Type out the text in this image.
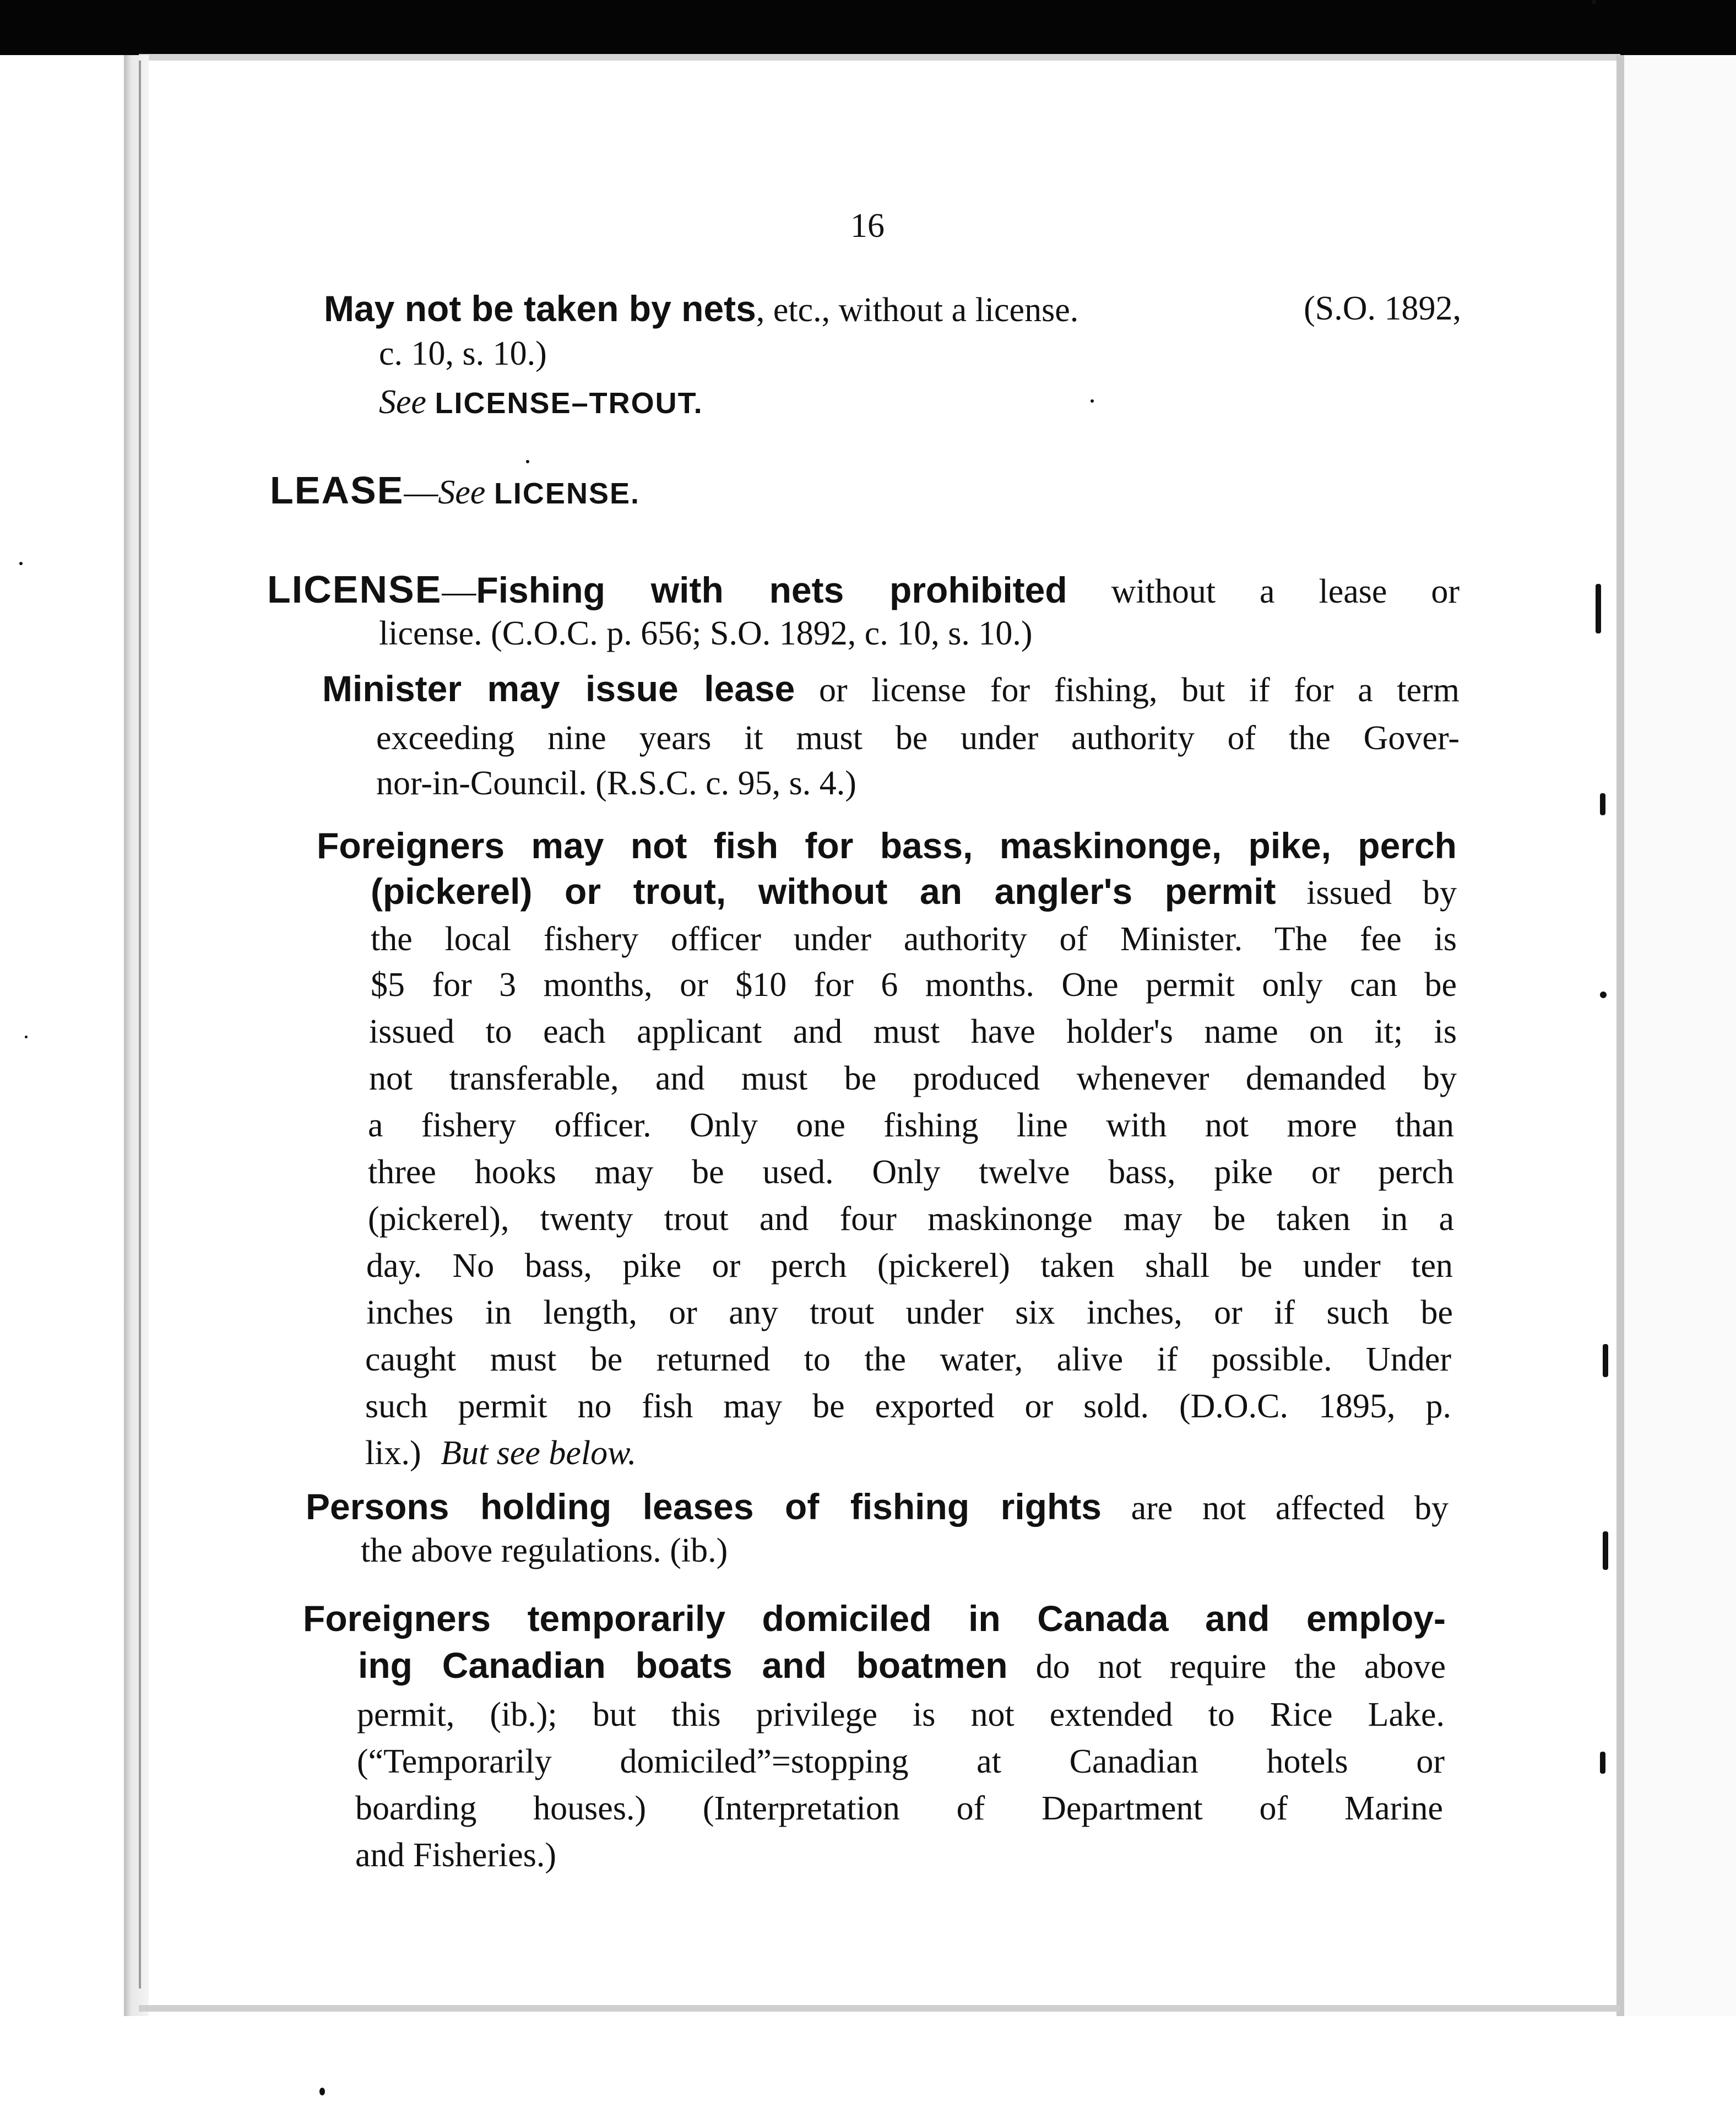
16
May not be taken by nets, etc., without a license.	(S.O. 1892,
c. 10, s. 10.)
See LICENSE–TROUT.
LEASE—See LICENSE.
LICENSE—Fishing with nets prohibited without a lease or
license. (C.O.C. p. 656; S.O. 1892, c. 10, s. 10.)
Minister may issue lease or license for fishing, but if for a term
exceeding nine years it must be under authority of the Gover-
nor-in-Council. (R.S.C. c. 95, s. 4.)
Foreigners may not fish for bass, maskinonge, pike, perch
(pickerel) or trout, without an angler's permit issued by
the local fishery officer under authority of Minister. The fee is
$5 for 3 months, or $10 for 6 months. One permit only can be
issued to each applicant and must have holder's name on it; is
not transferable, and must be produced whenever demanded by
a fishery officer. Only one fishing line with not more than
three hooks may be used. Only twelve bass, pike or perch
(pickerel), twenty trout and four maskinonge may be taken in a
day. No bass, pike or perch (pickerel) taken shall be under ten
inches in length, or any trout under six inches, or if such be
caught must be returned to the water, alive if possible. Under
such permit no fish may be exported or sold. (D.O.C. 1895, p.
lix.) But see below.
Persons holding leases of fishing rights are not affected by
the above regulations. (ib.)
Foreigners temporarily domiciled in Canada and employ-
ing Canadian boats and boatmen do not require the above
permit, (ib.); but this privilege is not extended to Rice Lake.
(“Temporarily domiciled”=stopping at Canadian hotels or
boarding houses.) (Interpretation of Department of Marine
and Fisheries.)
